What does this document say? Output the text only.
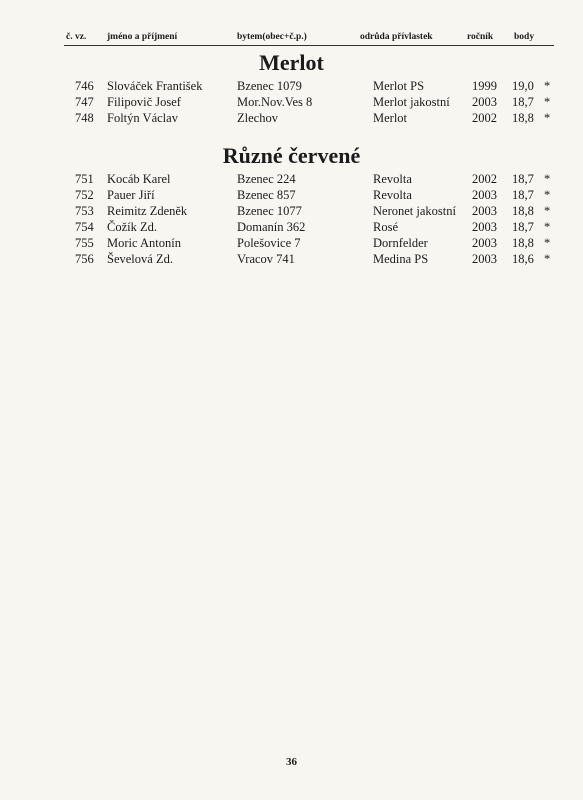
č. vz. jméno a příjmení	bytem(obec+č.p.)	odrůda přívlastek	ročník body
Merlot
746 Slováček František	Bzenec 1079	Merlot PS	1999 19,0 *
747 Filipovič Josef	Mor.Nov.Ves 8	Merlot jakostní 2003 18,7 *
748 Foltýn Václav	Zlechov	Merlot	2002 18,8 *
Různé červené
751 Kocáb Karel	Bzenec 224	Revolta	2002 18,7 *
752 Pauer Jiří	Bzenec 857	Revolta	2003 18,7 *
753 Reimitz Zdeněk	Bzenec 1077	Neronet jakostní 2003 18,8 *
754 Čožík Zd.	Domanín 362	Rosé	2003 18,7 *
755 Moric Antonín	Polešovice 7	Dornfelder	2003 18,8 *
756 Ševelová Zd.	Vracov 741	Medina PS	2003 18,6 *
36
